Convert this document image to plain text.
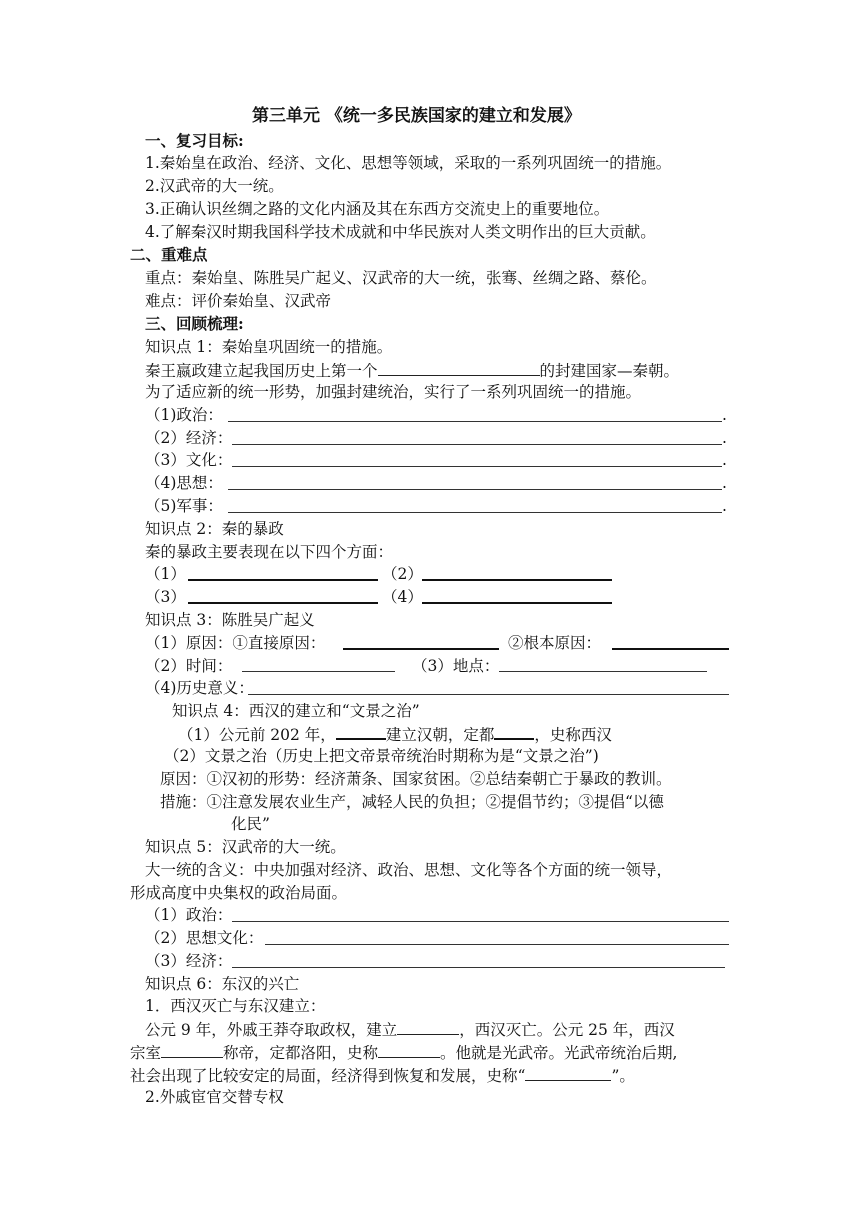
第三单元 《统一多民族国家的建立和发展》
一、复习目标:
1.秦始皇在政治、经济、文化、思想等领域，采取的一系列巩固统一的措施。
2.汉武帝的大一统。
3.正确认识丝绸之路的文化内涵及其在东西方交流史上的重要地位。
4.了解秦汉时期我国科学技术成就和中华民族对人类文明作出的巨大贡献。
二、重难点
重点：秦始皇、陈胜吴广起义、汉武帝的大一统，张骞、丝绸之路、蔡伦。
难点：评价秦始皇、汉武帝
三、回顾梳理:
知识点 1：秦始皇巩固统一的措施。
秦王嬴政建立起我国历史上第一个	的封建国家—秦朝。
为了适应新的统一形势，加强封建统治，实行了一系列巩固统一的措施。
（1)政治：	.
（2）经济：	.
（3）文化：	.
（4)思想：	.
（5)军事：	.
知识点 2：秦的暴政
秦的暴政主要表现在以下四个方面：
（1）	（2）
（3）	（4）
知识点 3：陈胜吴广起义
（1）原因：①直接原因：	②根本原因：
（2）时间：	（3）地点：
（4)历史意义：
知识点 4：西汉的建立和“文景之治”
（1）公元前 202 年，	建立汉朝，定都	，史称西汉
（2）文景之治（历史上把文帝景帝统治时期称为是“文景之治”)
原因：①汉初的形势：经济萧条、国家贫困。②总结秦朝亡于暴政的教训。
措施：①注意发展农业生产，减轻人民的负担；②提倡节约；③提倡“以德
化民”
知识点 5：汉武帝的大一统。
大一统的含义：中央加强对经济、政治、思想、文化等各个方面的统一领导，
形成高度中央集权的政治局面。
（1）政治：
（2）思想文化：
（3）经济：
知识点 6：东汉的兴亡
1．西汉灭亡与东汉建立：
公元 9 年，外戚王莽夺取政权，建立	，西汉灭亡。公元 25 年，西汉
宗室	称帝，定都洛阳，史称	。他就是光武帝。光武帝统治后期,
社会出现了比较安定的局面，经济得到恢复和发展，史称“	”。
2.外戚宦官交替专权
